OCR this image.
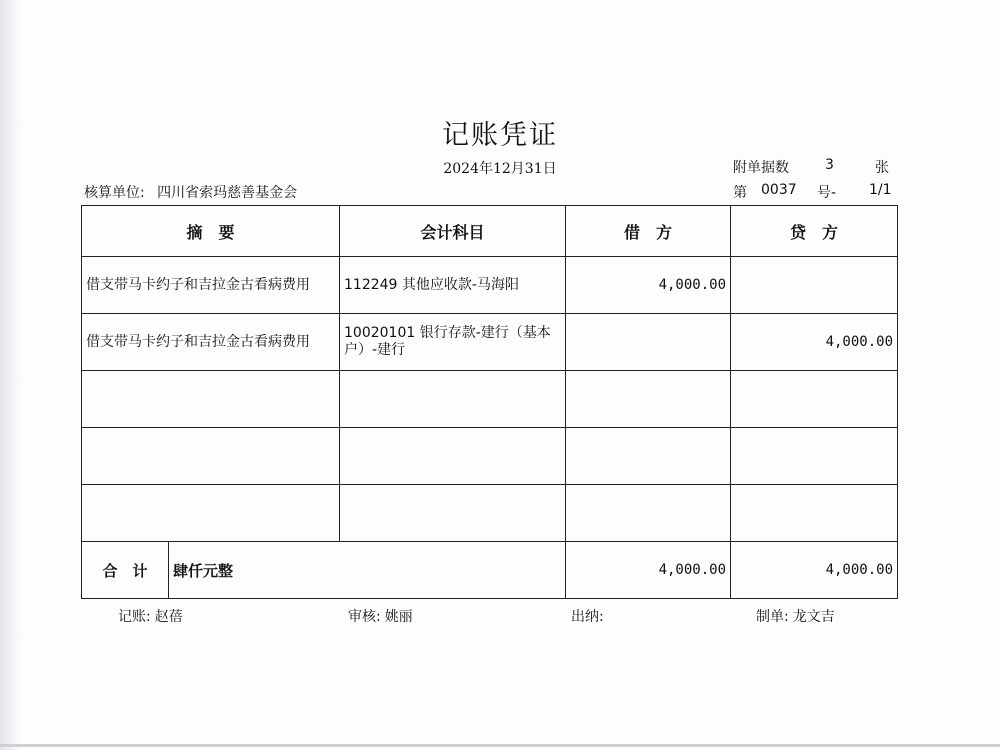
记账凭证
2024年12月31日	附单据数	3	张
核算单位: 四川省索玛慈善基金会	第 0037 号- 1/1
摘　要		会计科目	借　方	贷　方
借支带马卡约子和吉拉金古看病费用		112249 其他应收款-马海阳	4,000.00	
借支带马卡约子和吉拉金古看病费用		10020101 银行存款-建行（基本户）-建行		4,000.00

合　计	肆仟元整		4,000.00	4,000.00
记账: 赵蓓	审核: 姚丽	出纳:	制单: 龙文吉
